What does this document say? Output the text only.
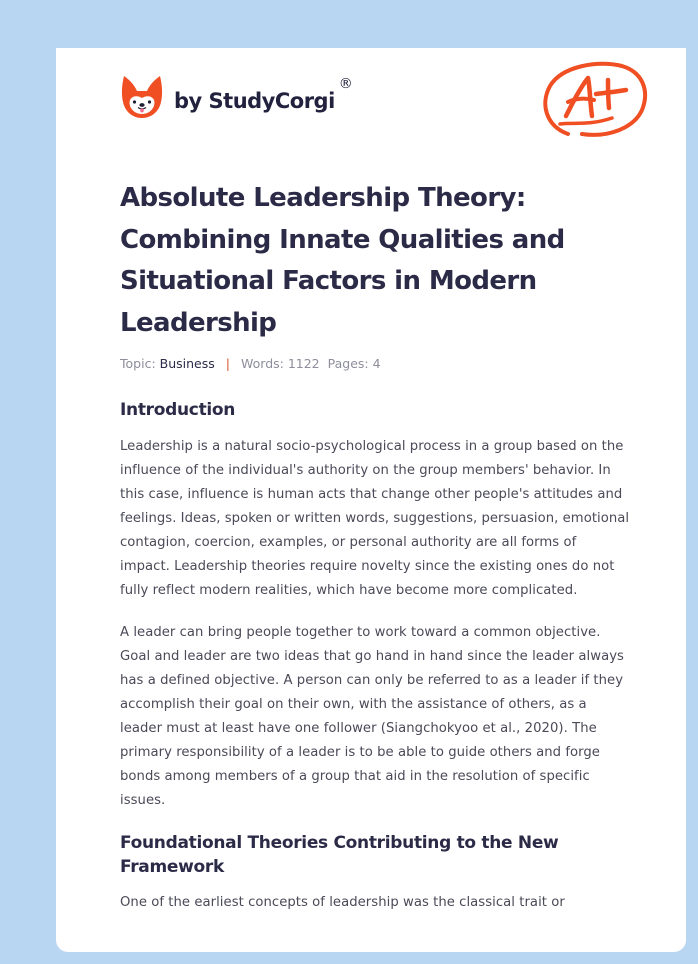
by StudyCorgi
®
Absolute Leadership Theory: Combining Innate Qualities and Situational Factors in Modern Leadership
Topic: Business | Words: 1122 Pages: 4
Introduction

Leadership is a natural socio-psychological process in a group based on the influence of the individual's authority on the group members' behavior. In this case, influence is human acts that change other people's attitudes and feelings. Ideas, spoken or written words, suggestions, persuasion, emotional contagion, coercion, examples, or personal authority are all forms of impact. Leadership theories require novelty since the existing ones do not fully reflect modern realities, which have become more complicated.

A leader can bring people together to work toward a common objective. Goal and leader are two ideas that go hand in hand since the leader always has a defined objective. A person can only be referred to as a leader if they accomplish their goal on their own, with the assistance of others, as a leader must at least have one follower (Siangchokyoo et al., 2020). The primary responsibility of a leader is to be able to guide others and forge bonds among members of a group that aid in the resolution of specific issues.

Foundational Theories Contributing to the New Framework

One of the earliest concepts of leadership was the classical trait or
